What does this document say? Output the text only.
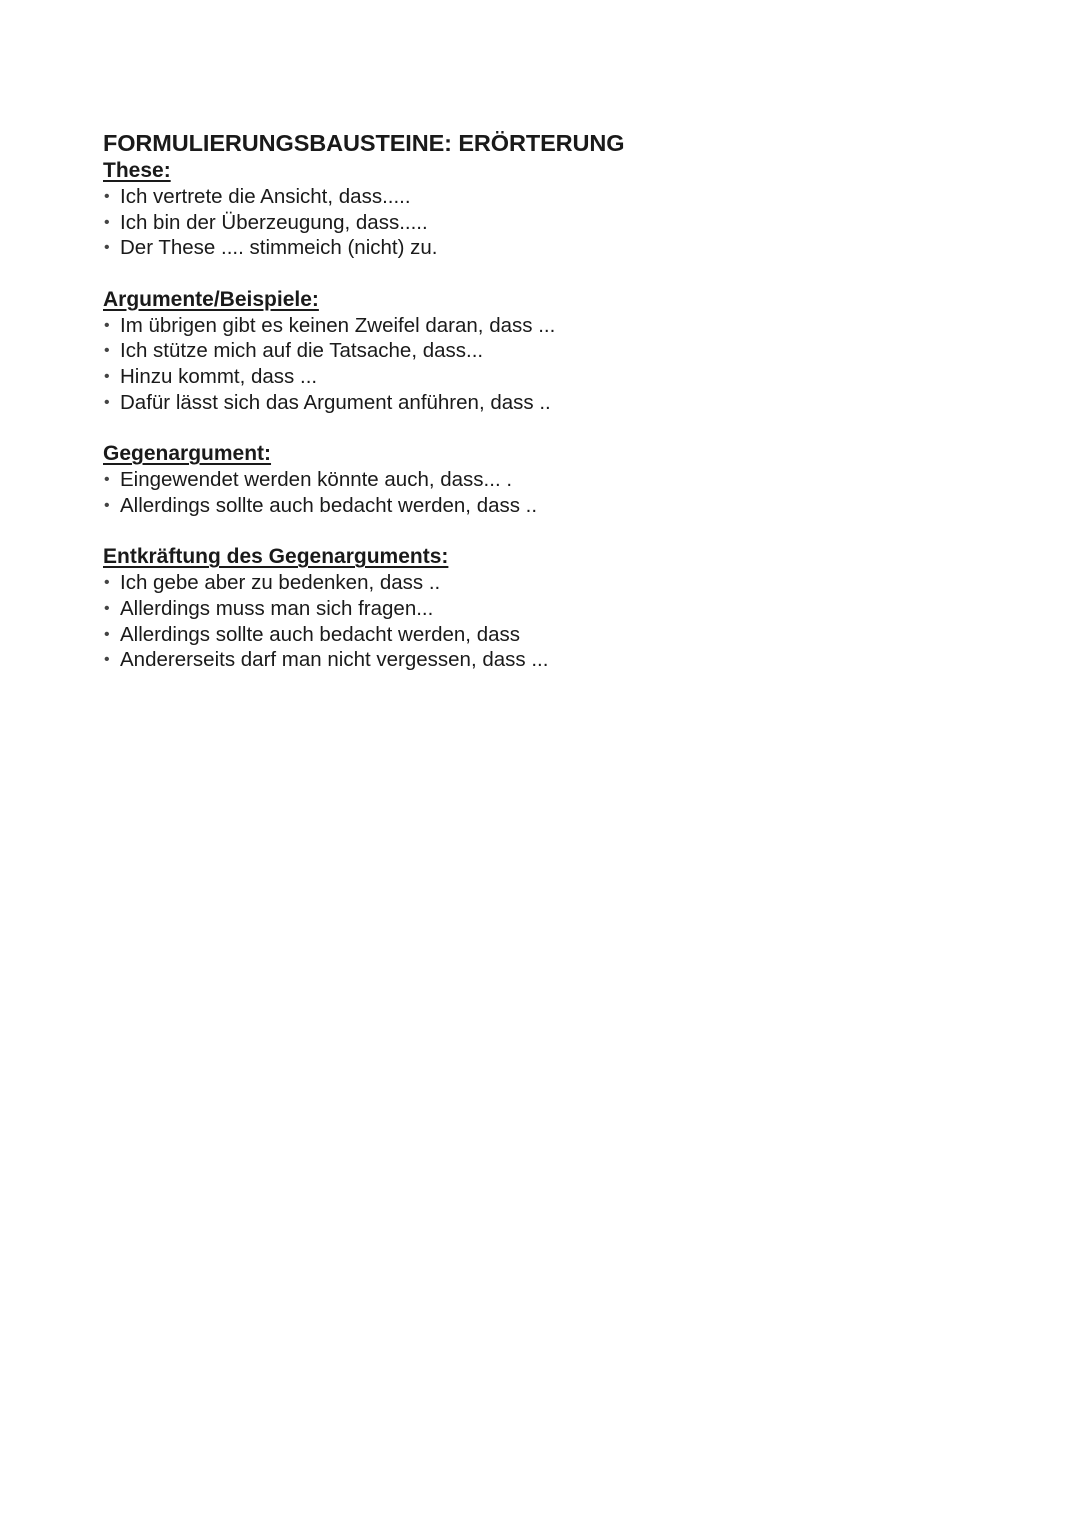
FORMULIERUNGSBAUSTEINE: ERÖRTERUNG
These:
• Ich vertrete die Ansicht, dass.....
• Ich bin der Überzeugung, dass.....
• Der These .... stimmeich (nicht) zu.
Argumente/Beispiele:
• Im übrigen gibt es keinen Zweifel daran, dass ...
• Ich stütze mich auf die Tatsache, dass...
• Hinzu kommt, dass ...
• Dafür lässt sich das Argument anführen, dass ..
Gegenargument:
• Eingewendet werden könnte auch, dass... .
• Allerdings sollte auch bedacht werden, dass ..
Entkräftung des Gegenarguments:
• Ich gebe aber zu bedenken, dass ..
• Allerdings muss man sich fragen...
• Allerdings sollte auch bedacht werden, dass
• Andererseits darf man nicht vergessen, dass ...
